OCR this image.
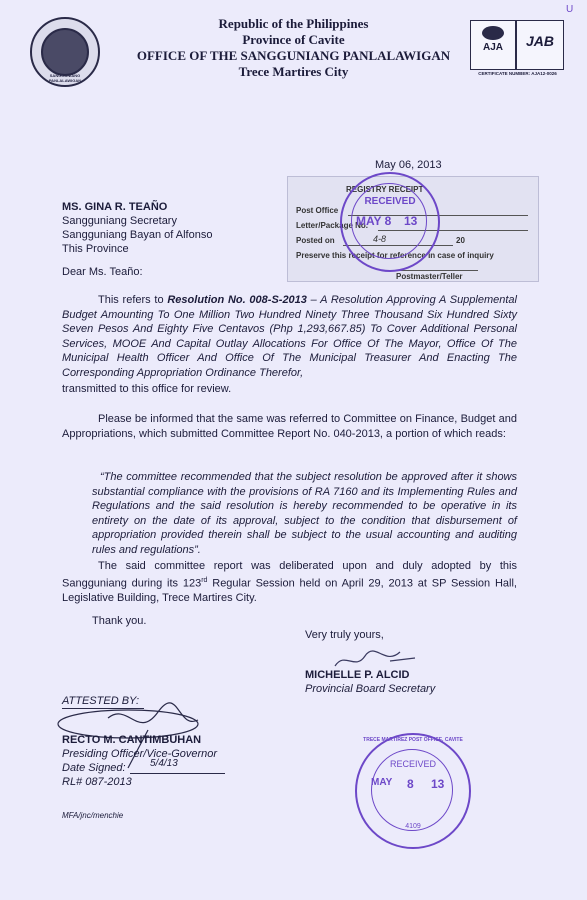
U
SANGGUNIANG PANLALAWIGAN
Republic of the Philippines
Province of Cavite
OFFICE OF THE SANGGUNIANG PANLALAWIGAN
Trece Martires City
AJA	JAB
CERTIFICATE NUMBER: AJA12-0026
May 06, 2013
REGISTRY RECEIPT
Post Office
Letter/Package No.
Posted on	4-8	20
Preserve this receipt for reference in case of inquiry
Postmaster/Teller
RECEIVED
MAY 8 13
MS. GINA R. TEAÑO
Sangguniang Secretary
Sangguniang Bayan of Alfonso
This Province
Dear Ms. Teaño:
This refers to Resolution No. 008-S-2013 – A Resolution Approving A Supplemental Budget Amounting To One Million Two Hundred Ninety Three Thousand Six Hundred Sixty Seven Pesos And Eighty Five Centavos (Php 1,293,667.85) To Cover Additional Personal Services, MOOE And Capital Outlay Allocations For Office Of The Mayor, Office Of The Municipal Health Officer And Office Of The Municipal Treasurer And Enacting The Corresponding Appropriation Ordinance Therefor,
transmitted to this office for review.
Please be informed that the same was referred to Committee on Finance, Budget and Appropriations, which submitted Committee Report No. 040-2013, a portion of which reads:
“The committee recommended that the subject resolution be approved after it shows substantial compliance with the provisions of RA 7160 and its Implementing Rules and Regulations and the said resolution is hereby recommended to be operative in its entirety on the date of its approval, subject to the condition that disbursement of appropriation provided therein shall be subject to the usual accounting and auditing rules and regulations”.
The said committee report was deliberated upon and duly adopted by this Sangguniang during its 123rd Regular Session held on April 29, 2013 at SP Session Hall, Legislative Building, Trece Martires City.
Thank you.
Very truly yours,
MICHELLE P. ALCID
Provincial Board Secretary
ATTESTED BY:
RECTO M. CANTIMBUHAN
Presiding Officer/Vice-Governor
Date Signed: 5/4/13
RL# 087-2013
MFA/jnc/menchie
TRECE MARTIREZ POST OFFICE, CAVITE
RECEIVED
MAY 8 13
4109
